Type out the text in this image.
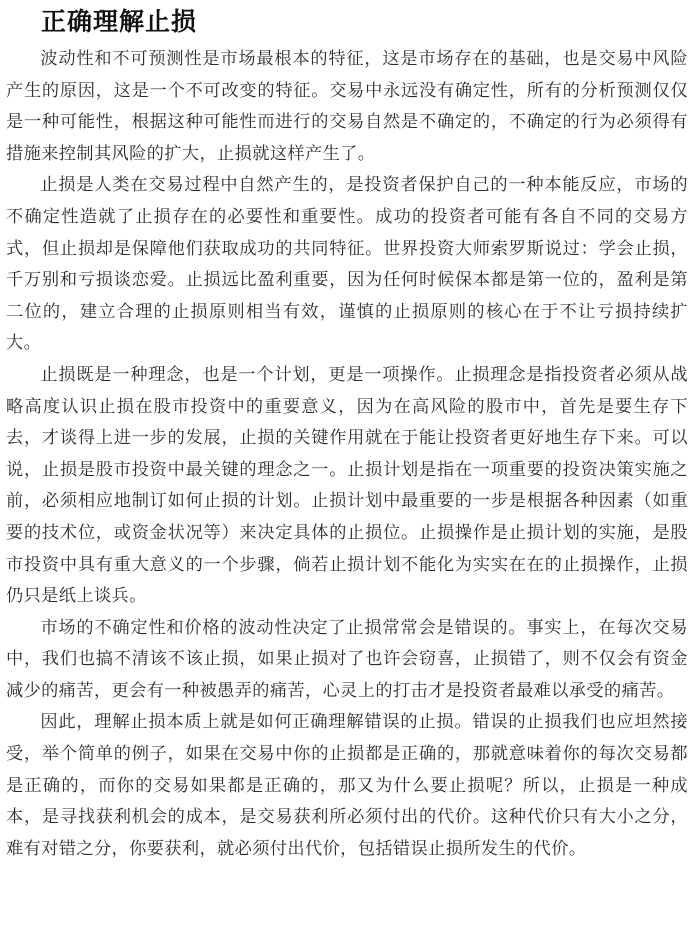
正确理解止损

波动性和不可预测性是市场最根本的特征，这是市场存在的基础，也是交易中风险产生的原因，这是一个不可改变的特征。交易中永远没有确定性，所有的分析预测仅仅是一种可能性，根据这种可能性而进行的交易自然是不确定的，不确定的行为必须得有措施来控制其风险的扩大，止损就这样产生了。

止损是人类在交易过程中自然产生的，是投资者保护自己的一种本能反应，市场的不确定性造就了止损存在的必要性和重要性。成功的投资者可能有各自不同的交易方式，但止损却是保障他们获取成功的共同特征。世界投资大师索罗斯说过：学会止损，千万别和亏损谈恋爱。止损远比盈利重要，因为任何时候保本都是第一位的，盈利是第二位的，建立合理的止损原则相当有效，谨慎的止损原则的核心在于不让亏损持续扩大。

止损既是一种理念，也是一个计划，更是一项操作。止损理念是指投资者必须从战略高度认识止损在股市投资中的重要意义，因为在高风险的股市中，首先是要生存下去，才谈得上进一步的发展，止损的关键作用就在于能让投资者更好地生存下来。可以说，止损是股市投资中最关键的理念之一。止损计划是指在一项重要的投资决策实施之前，必须相应地制订如何止损的计划。止损计划中最重要的一步是根据各种因素（如重要的技术位，或资金状况等）来决定具体的止损位。止损操作是止损计划的实施，是股市投资中具有重大意义的一个步骤，倘若止损计划不能化为实实在在的止损操作，止损仍只是纸上谈兵。

市场的不确定性和价格的波动性决定了止损常常会是错误的。事实上，在每次交易中，我们也搞不清该不该止损，如果止损对了也许会窃喜，止损错了，则不仅会有资金减少的痛苦，更会有一种被愚弄的痛苦，心灵上的打击才是投资者最难以承受的痛苦。

因此，理解止损本质上就是如何正确理解错误的止损。错误的止损我们也应坦然接受，举个简单的例子，如果在交易中你的止损都是正确的，那就意味着你的每次交易都是正确的，而你的交易如果都是正确的，那又为什么要止损呢？所以，止损是一种成本，是寻找获利机会的成本，是交易获利所必须付出的代价。这种代价只有大小之分，难有对错之分，你要获利，就必须付出代价，包括错误止损所发生的代价。
